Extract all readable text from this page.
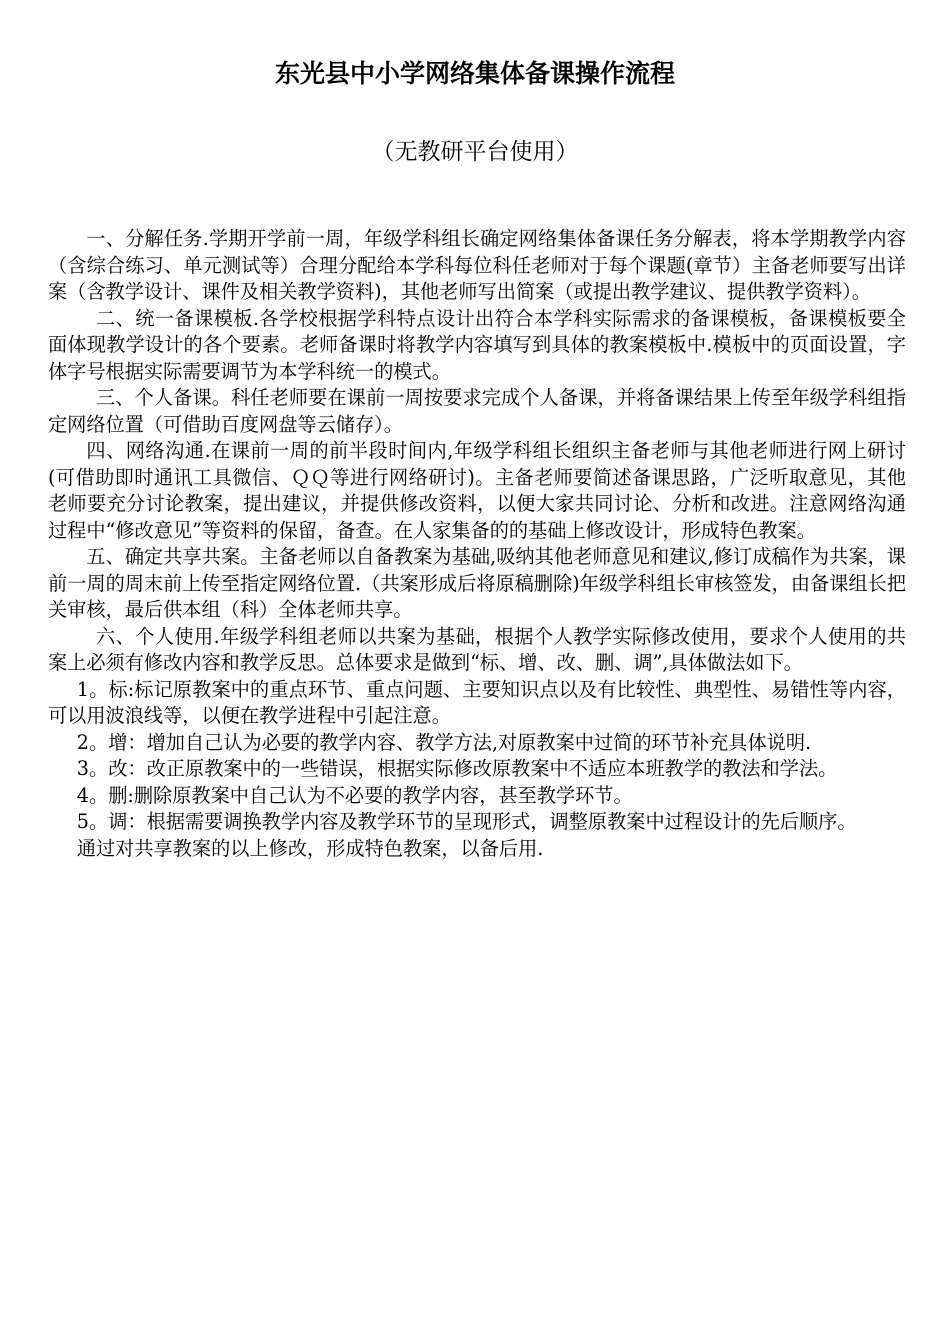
东光县中小学网络集体备课操作流程
（无教研平台使用）

一、分解任务.学期开学前一周，年级学科组长确定网络集体备课任务分解表，将本学期教学内容（含综合练习、单元测试等）合理分配给本学科每位科任老师对于每个课题(章节）主备老师要写出详案（含教学设计、课件及相关教学资料)，其他老师写出简案（或提出教学建议、提供教学资料）。

二、统一备课模板.各学校根据学科特点设计出符合本学科实际需求的备课模板，备课模板要全面体现教学设计的各个要素。老师备课时将教学内容填写到具体的教案模板中.模板中的页面设置，字体字号根据实际需要调节为本学科统一的模式。

三、个人备课。科任老师要在课前一周按要求完成个人备课，并将备课结果上传至年级学科组指定网络位置（可借助百度网盘等云储存）。

四、网络沟通.在课前一周的前半段时间内,年级学科组长组织主备老师与其他老师进行网上研讨(可借助即时通讯工具微信、ＱＱ等进行网络研讨)。主备老师要简述备课思路，广泛听取意见，其他老师要充分讨论教案，提出建议，并提供修改资料，以便大家共同讨论、分析和改进。注意网络沟通过程中“修改意见”等资料的保留，备查。在人家集备的的基础上修改设计，形成特色教案。

五、确定共享共案。主备老师以自备教案为基础,吸纳其他老师意见和建议,修订成稿作为共案，课前一周的周末前上传至指定网络位置.（共案形成后将原稿删除)年级学科组长审核签发，由备课组长把关审核，最后供本组（科）全体老师共享。

六、个人使用.年级学科组老师以共案为基础，根据个人教学实际修改使用，要求个人使用的共案上必须有修改内容和教学反思。总体要求是做到“标、增、改、删、调”,具体做法如下。

1。标:标记原教案中的重点环节、重点问题、主要知识点以及有比较性、典型性、易错性等内容，可以用波浪线等，以便在教学进程中引起注意。

2。增：增加自己认为必要的教学内容、教学方法,对原教案中过简的环节补充具体说明.

3。改：改正原教案中的一些错误，根据实际修改原教案中不适应本班教学的教法和学法。

4。删:删除原教案中自己认为不必要的教学内容，甚至教学环节。

5。调：根据需要调换教学内容及教学环节的呈现形式，调整原教案中过程设计的先后顺序。

通过对共享教案的以上修改，形成特色教案，以备后用.
